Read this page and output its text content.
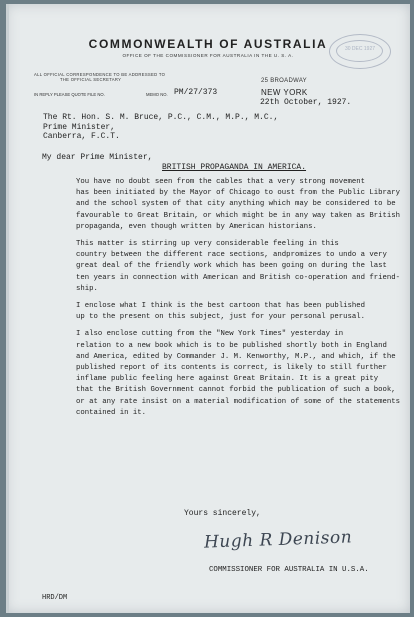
COMMONWEALTH OF AUSTRALIA
OFFICE OF THE COMMISSIONER FOR AUSTRALIA IN THE U. S. A.
30 DEC 1927
ALL OFFICIAL CORRESPONDENCE TO BE ADDRESSED TO
THE OFFICIAL SECRETARY
IN REPLY PLEASE QUOTE FILE NO.	MEMO NO. PM/27/373
25 BROADWAY
NEW YORK
22th October, 1927.
The Rt. Hon. S. M. Bruce, P.C., C.M., M.P., M.C.,
Prime Minister,
Canberra, F.C.T.
My dear Prime Minister,
BRITISH PROPAGANDA IN AMERICA.

You have no doubt seen from the cables that a very strong movement
has been initiated by the Mayor of Chicago to oust from the Public Library
and the school system of that city anything which may be considered to be
favourable to Great Britain, or which might be in any way taken as British
propaganda, even though written by American historians.

This matter is stirring up very considerable feeling in this
country between the different race sections, andpromizes to undo a very
great deal of the friendly work which has been going on during the last
ten years in connection with American and British co-operation and friend-
ship.

I enclose what I think is the best cartoon that has been published
up to the present on this subject, just for your personal perusal.

I also enclose cutting from the "New York Times" yesterday in
relation to a new book which is to be published shortly both in England
and America, edited by Commander J. M. Kenworthy, M.P., and which, if the
published report of its contents is correct, is likely to still further
inflame public feeling here against Great Britain. It is a great pity
that the British Government cannot forbid the publication of such a book,
or at any rate insist on a material modification of some of the statements
contained in it.

Yours sincerely,
Hugh R Denison
COMMISSIONER FOR AUSTRALIA IN U.S.A.
HRD/DM
